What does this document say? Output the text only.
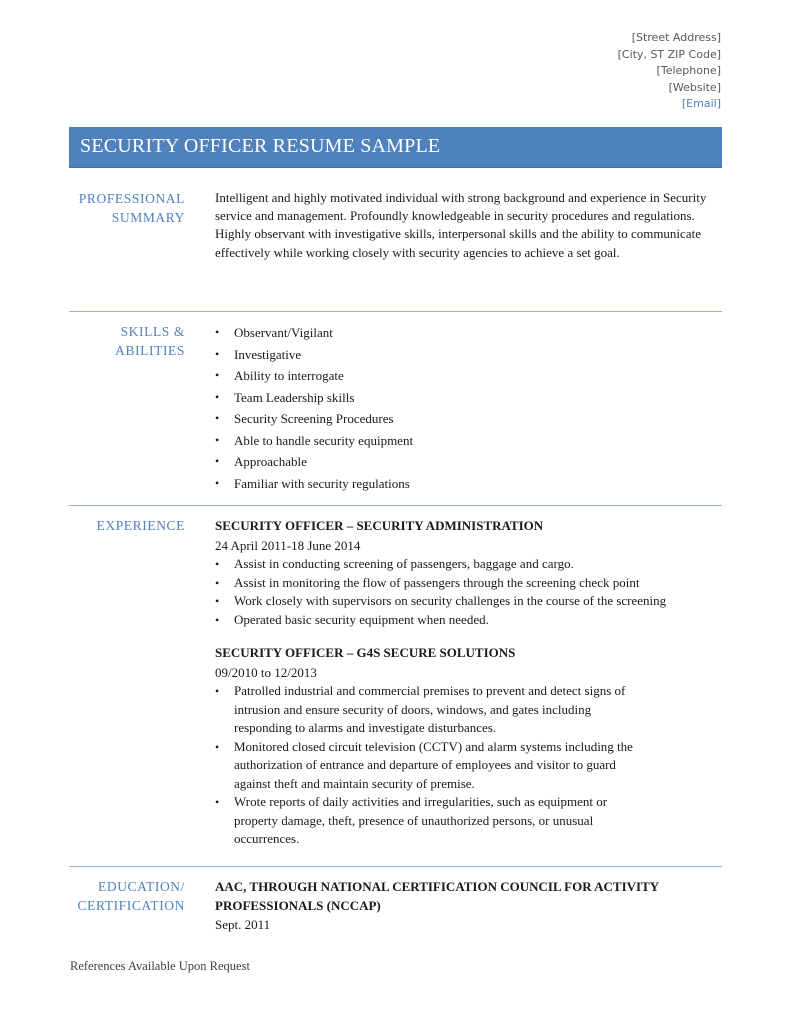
[Street Address]
[City, ST ZIP Code]
[Telephone]
[Website]
[Email]
SECURITY OFFICER RESUME SAMPLE
PROFESSIONAL
SUMMARY

Intelligent and highly motivated individual with strong background and experience in Security service and management. Profoundly knowledgeable in security procedures and regulations. Highly observant with investigative skills, interpersonal skills and the ability to communicate effectively while working closely with security agencies to achieve a set goal.

SKILLS &
ABILITIES
• Observant/Vigilant
• Investigative
• Ability to interrogate
• Team Leadership skills
• Security Screening Procedures
• Able to handle security equipment
• Approachable
• Familiar with security regulations
EXPERIENCE SECURITY OFFICER – SECURITY ADMINISTRATION
24 April 2011-18 June 2014
• Assist in conducting screening of passengers, baggage and cargo.
• Assist in monitoring the flow of passengers through the screening check point
• Work closely with supervisors on security challenges in the course of the screening
• Operated basic security equipment when needed.
SECURITY OFFICER – G4S SECURE SOLUTIONS
09/2010 to 12/2013
• Patrolled industrial and commercial premises to prevent and detect signs of intrusion and ensure security of doors, windows, and gates including responding to alarms and investigate disturbances.
• Monitored closed circuit television (CCTV) and alarm systems including the authorization of entrance and departure of employees and visitor to guard against theft and maintain security of premise.
• Wrote reports of daily activities and irregularities, such as equipment or property damage, theft, presence of unauthorized persons, or unusual occurrences.
EDUCATION/
CERTIFICATION
AAC, THROUGH NATIONAL CERTIFICATION COUNCIL FOR ACTIVITY PROFESSIONALS (NCCAP)
Sept. 2011
References Available Upon Request
